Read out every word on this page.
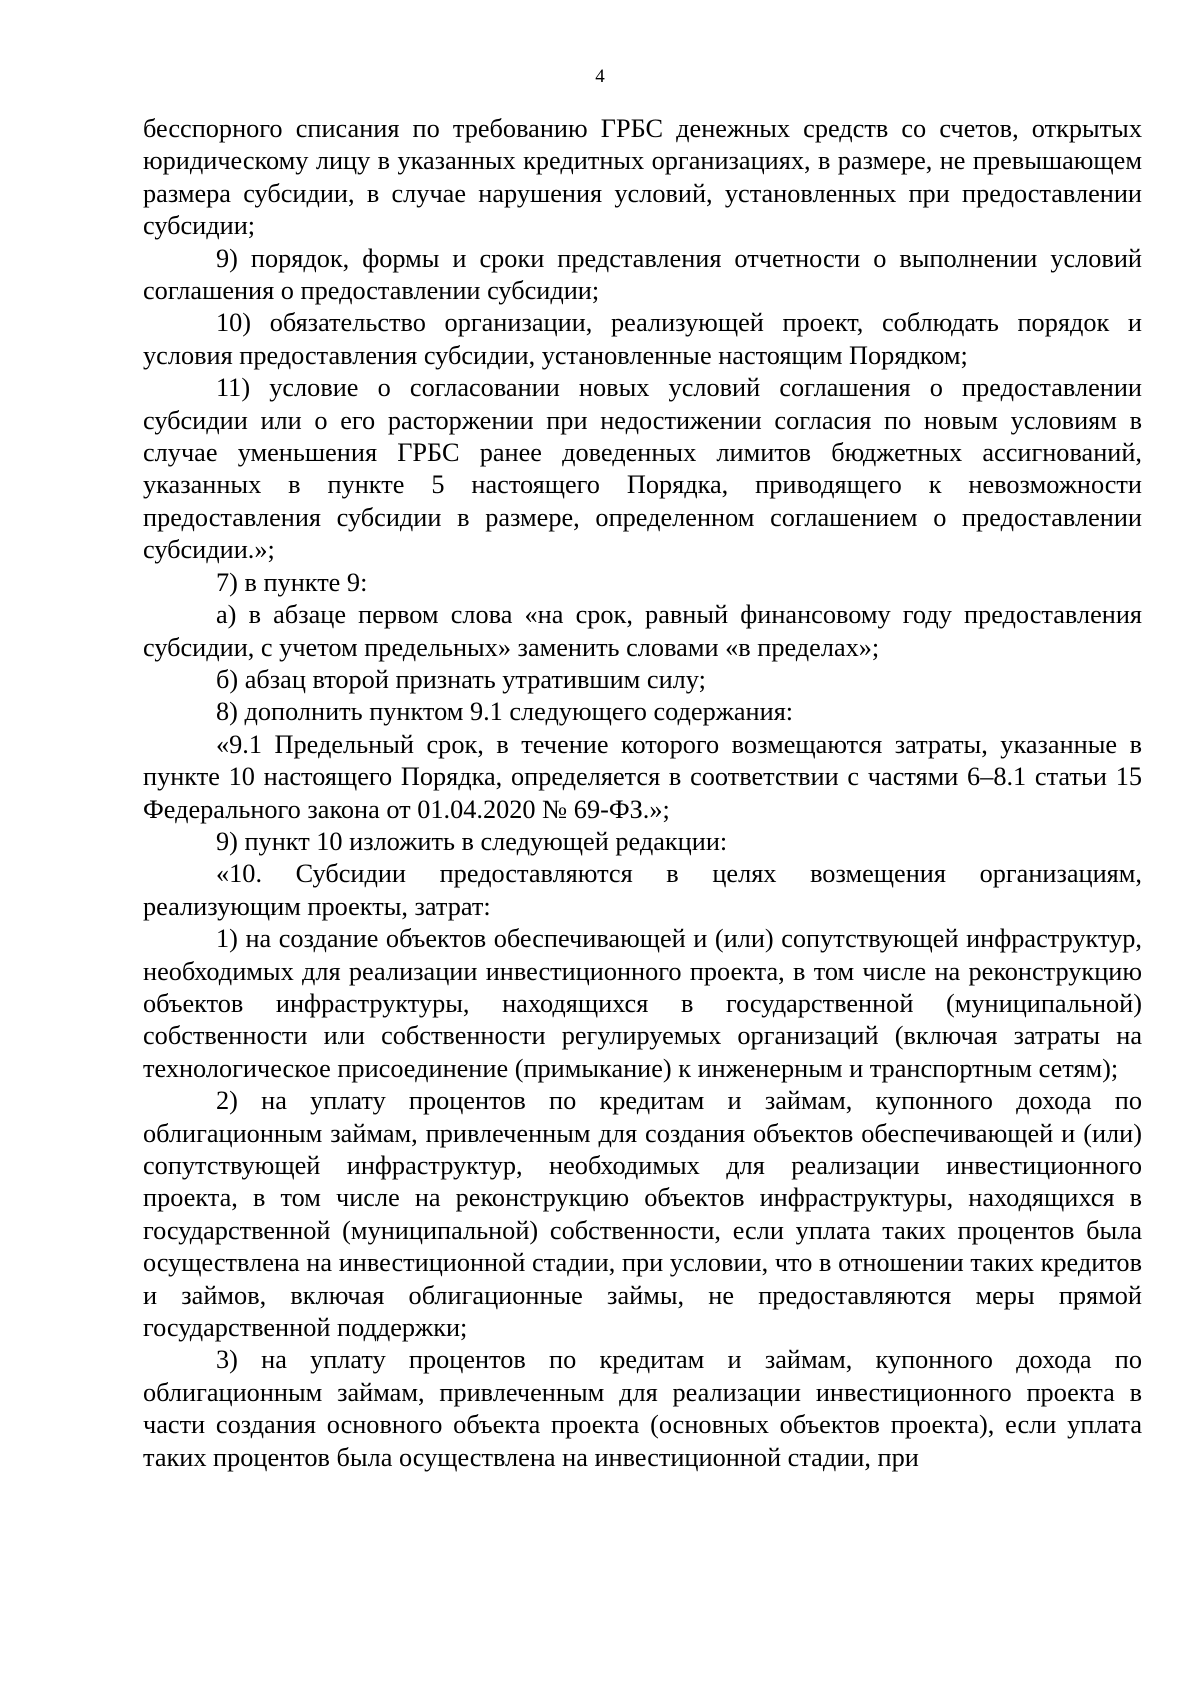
4

бесспорного списания по требованию ГРБС денежных средств со счетов, открытых юридическому лицу в указанных кредитных организациях, в размере, не превышающем размера субсидии, в случае нарушения условий, установленных при предоставлении субсидии;

9) порядок, формы и сроки представления отчетности о выполнении условий соглашения о предоставлении субсидии;

10) обязательство организации, реализующей проект, соблюдать порядок и условия предоставления субсидии, установленные настоящим Порядком;

11) условие о согласовании новых условий соглашения о предоставлении субсидии или о его расторжении при недостижении согласия по новым условиям в случае уменьшения ГРБС ранее доведенных лимитов бюджетных ассигнований, указанных в пункте 5 настоящего Порядка, приводящего к невозможности предоставления субсидии в размере, определенном соглашением о предоставлении субсидии.»;

7) в пункте 9:

а) в абзаце первом слова «на срок, равный финансовому году предоставления субсидии, с учетом предельных» заменить словами «в пределах»;

б) абзац второй признать утратившим силу;

8) дополнить пунктом 9.1 следующего содержания:

«9.1 Предельный срок, в течение которого возмещаются затраты, указанные в пункте 10 настоящего Порядка, определяется в соответствии с частями 6–8.1 статьи 15 Федерального закона от 01.04.2020 № 69-ФЗ.»;

9) пункт 10 изложить в следующей редакции:

«10. Субсидии предоставляются в целях возмещения организациям, реализующим проекты, затрат:

1) на создание объектов обеспечивающей и (или) сопутствующей инфраструктур, необходимых для реализации инвестиционного проекта, в том числе на реконструкцию объектов инфраструктуры, находящихся в государственной (муниципальной) собственности или собственности регулируемых организаций (включая затраты на технологическое присоединение (примыкание) к инженерным и транспортным сетям);

2) на уплату процентов по кредитам и займам, купонного дохода по облигационным займам, привлеченным для создания объектов обеспечивающей и (или) сопутствующей инфраструктур, необходимых для реализации инвестиционного проекта, в том числе на реконструкцию объектов инфраструктуры, находящихся в государственной (муниципальной) собственности, если уплата таких процентов была осуществлена на инвестиционной стадии, при условии, что в отношении таких кредитов и займов, включая облигационные займы, не предоставляются меры прямой государственной поддержки;

3) на уплату процентов по кредитам и займам, купонного дохода по облигационным займам, привлеченным для реализации инвестиционного проекта в части создания основного объекта проекта (основных объектов проекта), если уплата таких процентов была осуществлена на инвестиционной стадии, при
